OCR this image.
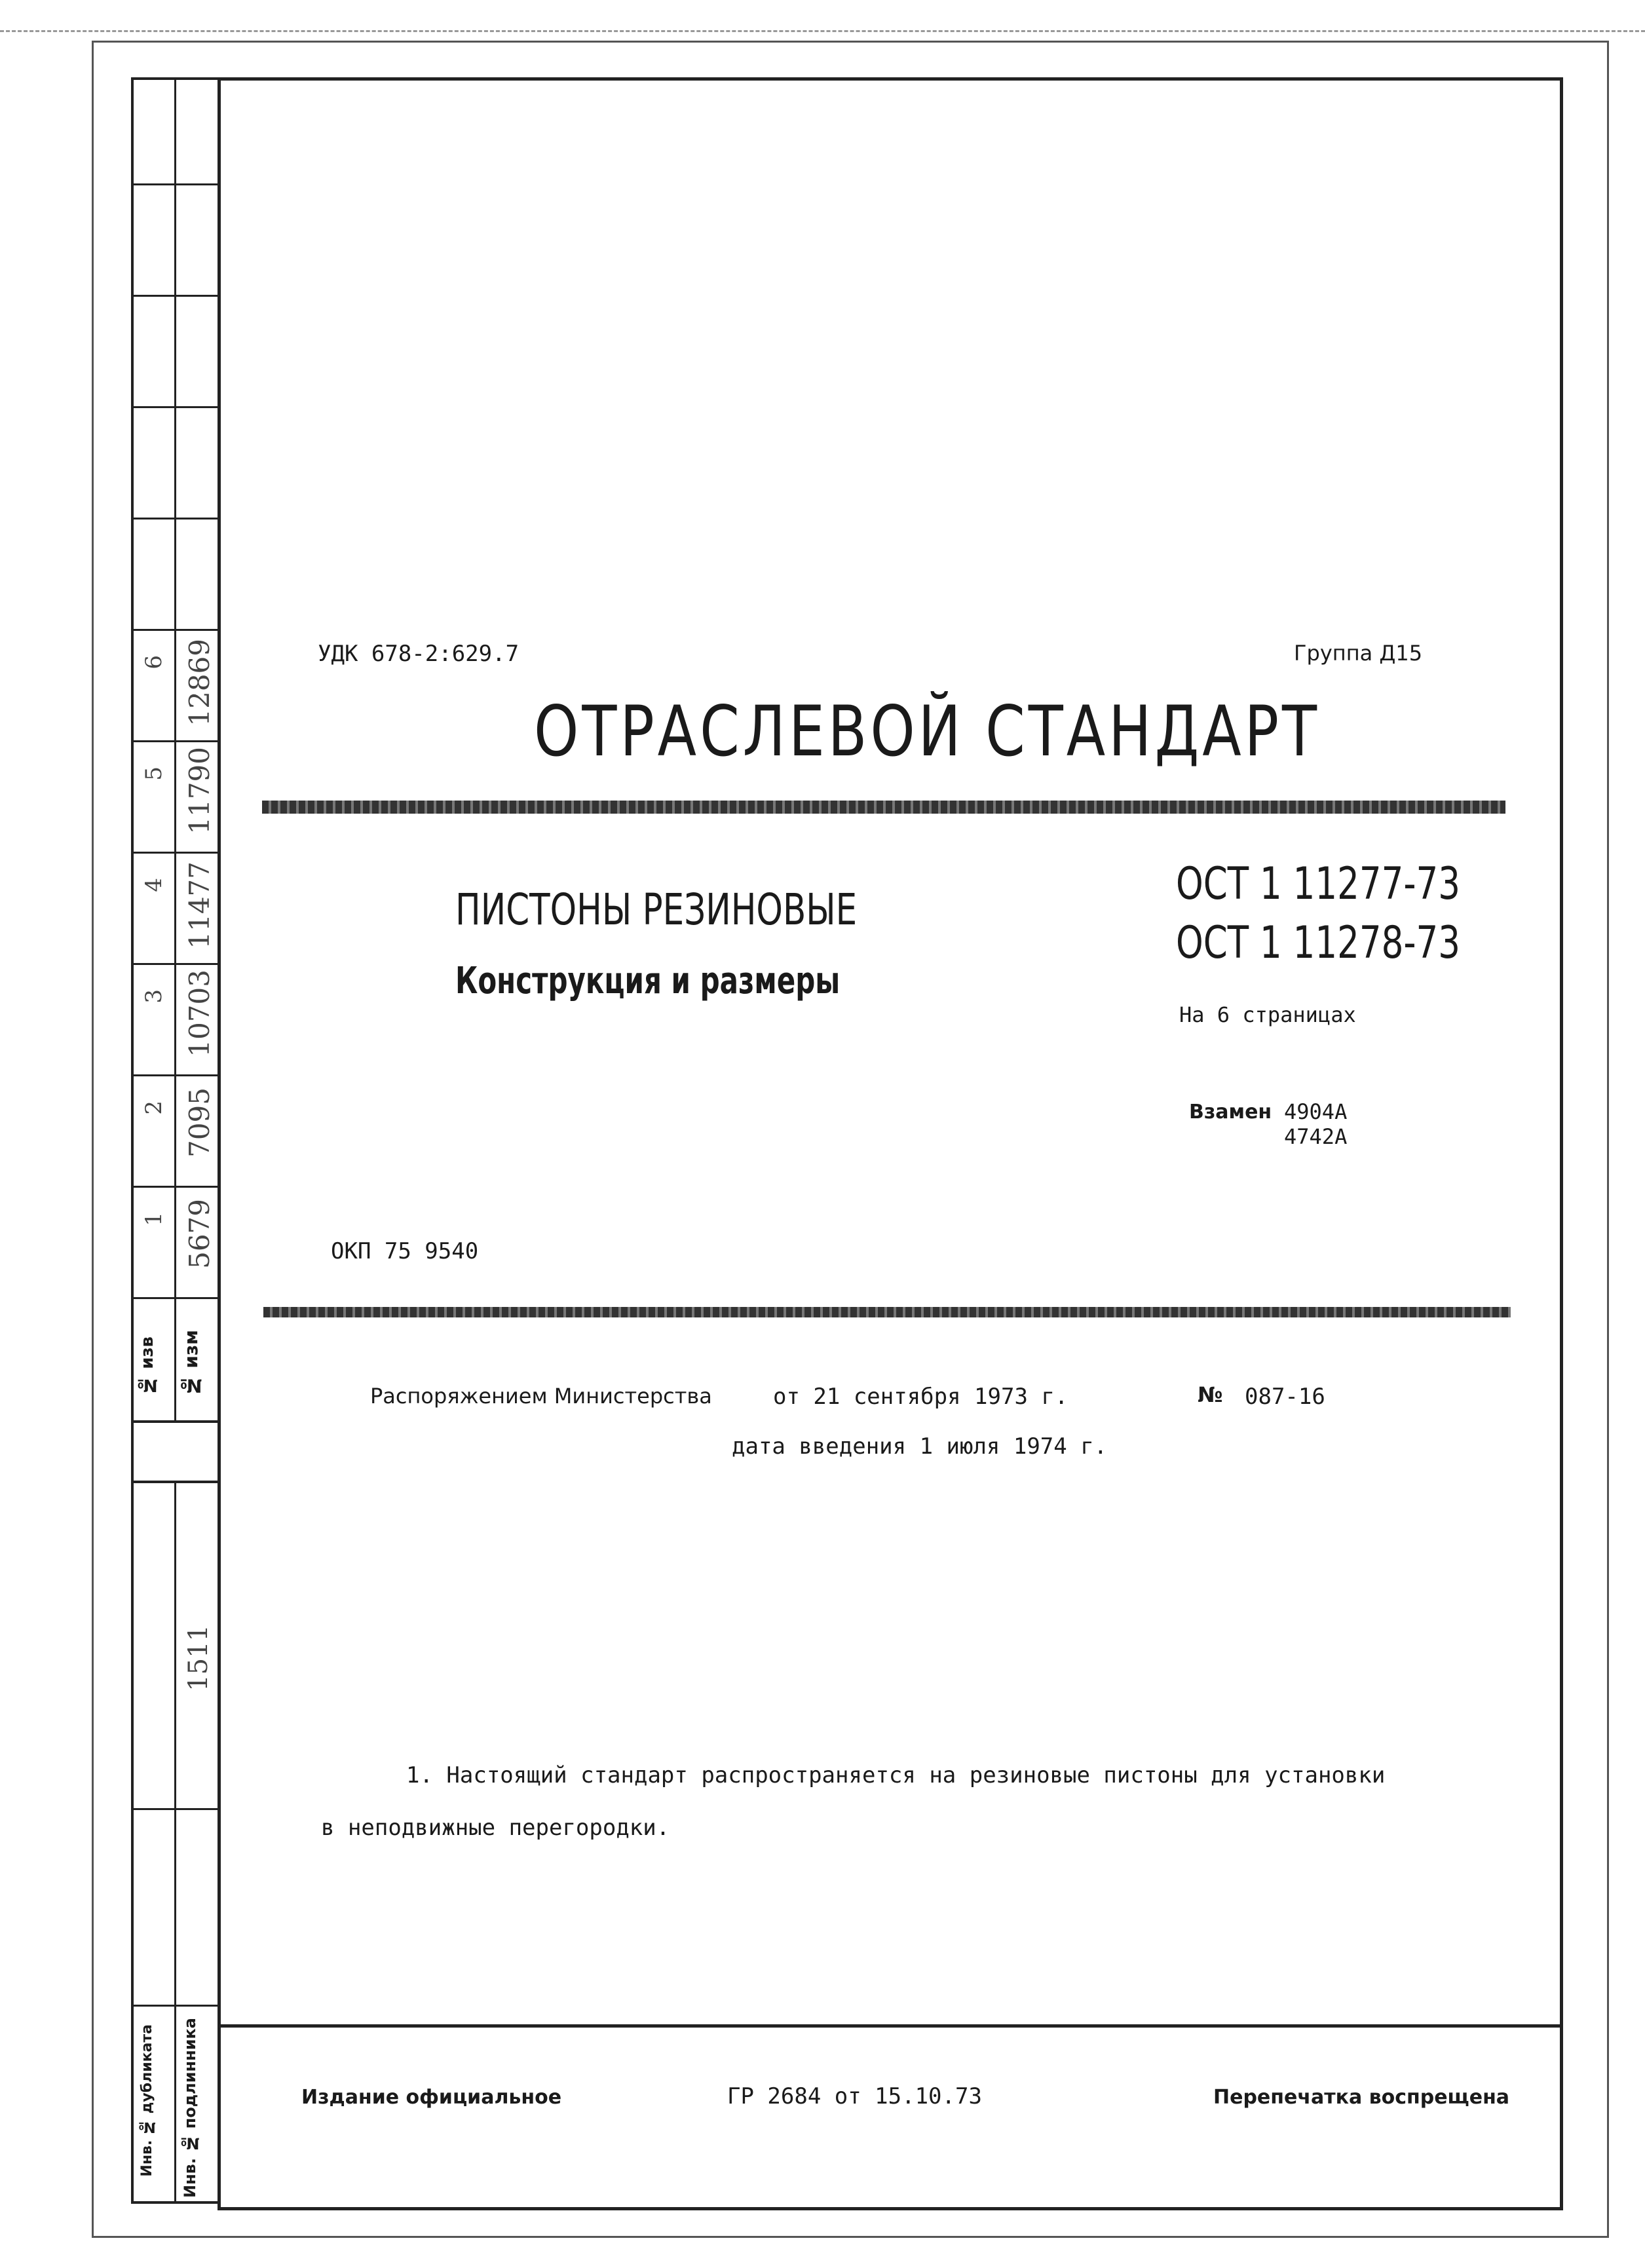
6 12869
5 11790
4 11477
3 10703
2 7095
1 5679
№ изв № изм
1511
Инв. № дубликата Инв. № подлинника
УДК 678-2:629.7	Группа Д15
ОТРАСЛЕВОЙ СТАНДАРТ
ПИСТОНЫ РЕЗИНОВЫЕ
Конструкция и размеры
ОСТ 1 11277-73
ОСТ 1 11278-73
На 6 страницах
Взамен 4904А
4742А
ОКП 75 9540
Распоряжением Министерства	от 21 сентября 1973 г.	№ 087-16
дата введения 1 июля 1974 г.
1. Настоящий стандарт распространяется на резиновые пистоны для установки
в неподвижные перегородки.
Издание официальное	ГР 2684 от 15.10.73	Перепечатка воспрещена
